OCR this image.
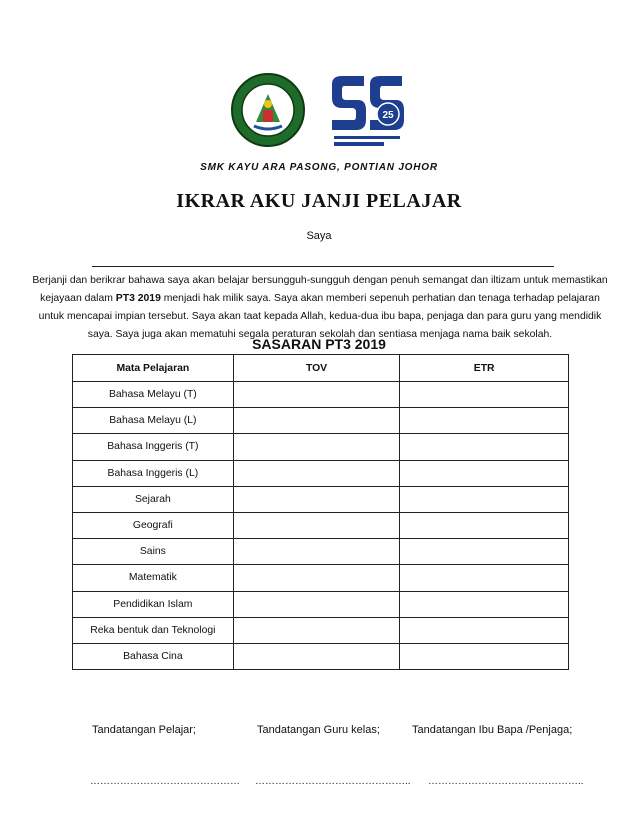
25
SMK KAYU ARA PASONG, PONTIAN JOHOR
IKRAR AKU JANJI PELAJAR
Saya
Berjanji dan berikrar bahawa saya akan belajar bersungguh-sungguh dengan penuh semangat dan iltizam untuk memastikan kejayaan dalam PT3 2019 menjadi hak milik saya. Saya akan memberi sepenuh perhatian dan tenaga terhadap pelajaran untuk mencapai impian tersebut. Saya akan taat kepada Allah, kedua-dua ibu bapa, penjaga dan para guru yang mendidik saya. Saya juga akan mematuhi segala peraturan sekolah dan sentiasa menjaga nama baik sekolah.
SASARAN PT3 2019
Mata Pelajaran	TOV	ETR
Bahasa Melayu (T)		
Bahasa Melayu (L)		
Bahasa Inggeris (T)		
Bahasa Inggeris (L)		
Sejarah		
Geografi		
Sains		
Matematik		
Pendidikan Islam		
Reka bentuk dan Teknologi		
Bahasa Cina		
Tandatangan Pelajar;	Tandatangan Guru kelas;	Tandatangan Ibu Bapa /Penjaga;
……………………………………… ……………………………………….. ………………………………………..
